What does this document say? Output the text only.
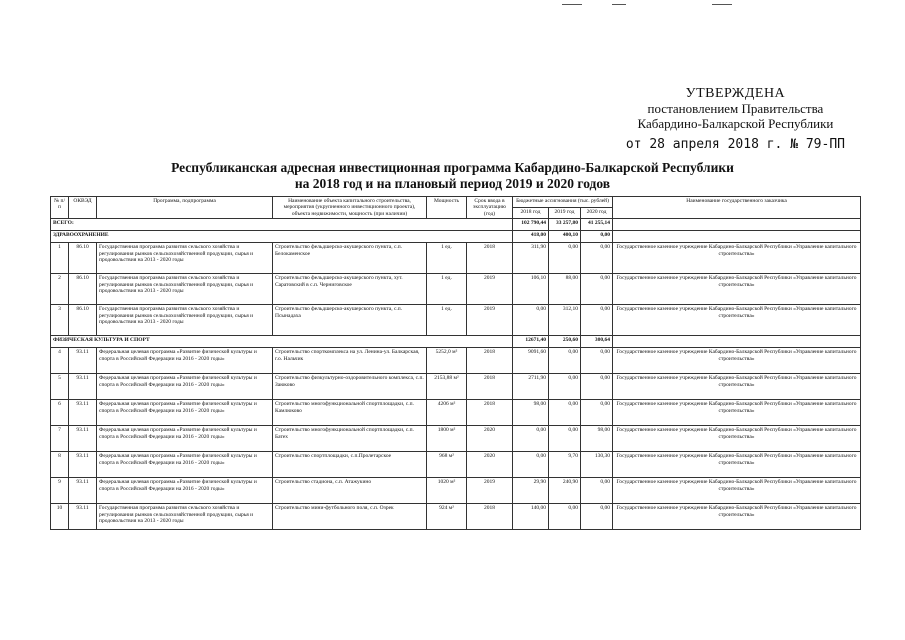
УТВЕРЖДЕНА
постановлением Правительства
Кабардино-Балкарской Республики
от 28 апреля 2018 г. № 79-ПП
Республиканская адресная инвестиционная программа Кабардино-Балкарской Республики
на 2018 год и на плановый период 2019 и 2020 годов
№ п/п	ОКВЭД	Программа, подпрограмма	Наименование объекта капитального строительства, мероприятия (укрупненного инвестиционного проекта), объекта недвижимости, мощность (при наличии)	Мощность	Срок ввода в эксплуатацию (год)	Бюджетные ассигнования (тыс. рублей)			Наименование государственного заказчика
						2018 год	2019 год	2020 год	
ВСЕГО:						102 790,44	33 257,80	41 255,14	
ЗДРАВООХРАНЕНИЕ						418,00	400,10	0,00	
1	86.10	Государственная программа развития сельского хозяйства и регулирования рынков сельскохозяйственной продукции, сырья и продовольствия на 2013 - 2020 годы	Строительство фельдшерско-акушерского пункта, с.п. Белокаменское	1 ед.	2018	311,90	0,00	0,00	Государственное казенное учреждение Кабардино-Балкарской Республики «Управление капитального строительства»
2	86.10	Государственная программа развития сельского хозяйства и регулирования рынков сельскохозяйственной продукции, сырья и продовольствия на 2013 - 2020 годы	Строительство фельдшерско-акушерского пункта, хут. Саратовский в с.п. Черниговское	1 ед.	2019	106,10	88,00	0,00	Государственное казенное учреждение Кабардино-Балкарской Республики «Управление капитального строительства»
3	86.10	Государственная программа развития сельского хозяйства и регулирования рынков сельскохозяйственной продукции, сырья и продовольствия на 2013 - 2020 годы	Строительство фельдшерско-акушерского пункта, с.п. Псынадаха	1 ед.	2019	0,00	312,10	0,00	Государственное казенное учреждение Кабардино-Балкарской Республики «Управление капитального строительства»
ФИЗИЧЕСКАЯ КУЛЬТУРА И СПОРТ						12671,40	250,60	300,64	
4	93.11	Федеральная целевая программа «Развитие физической культуры и спорта в Российской Федерации на 2016 - 2020 годы»	Строительство спорткомплекса на ул. Ленина-ул. Балкарская, г.о. Нальчик	5252,0 м²	2018	9091,60	0,00	0,00	Государственное казенное учреждение Кабардино-Балкарской Республики «Управление капитального строительства»
5	93.11	Федеральная целевая программа «Развитие физической культуры и спорта в Российской Федерации на 2016 - 2020 годы»	Строительство физкультурно-оздоровительного комплекса, с.п. Заюково	2153,88 м²	2018	2711,90	0,00	0,00	Государственное казенное учреждение Кабардино-Балкарской Республики «Управление капитального строительства»
6	93.11	Федеральная целевая программа «Развитие физической культуры и спорта в Российской Федерации на 2016 - 2020 годы»	Строительство многофункциональной спортплощадки, с.п. Камлюково	4206 м²	2018	98,00	0,00	0,00	Государственное казенное учреждение Кабардино-Балкарской Республики «Управление капитального строительства»
7	93.11	Федеральная целевая программа «Развитие физической культуры и спорта в Российской Федерации на 2016 - 2020 годы»	Строительство многофункциональной спортплощадки, с.п. Батех	1800 м²	2020	0,00	0,00	98,00	Государственное казенное учреждение Кабардино-Балкарской Республики «Управление капитального строительства»
8	93.11	Федеральная целевая программа «Развитие физической культуры и спорта в Российской Федерации на 2016 - 2020 годы»	Строительство спортплощадки, с.п.Пролетарское	968 м²	2020	0,00	9,70	130,30	Государственное казенное учреждение Кабардино-Балкарской Республики «Управление капитального строительства»
9	93.11	Федеральная целевая программа «Развитие физической культуры и спорта в Российской Федерации на 2016 - 2020 годы»	Строительство стадиона, с.п. Атажукино	1020 м²	2019	29,90	240,90	0,00	Государственное казенное учреждение Кабардино-Балкарской Республики «Управление капитального строительства»
10	93.11	Государственная программа развития сельского хозяйства и регулирования рынков сельскохозяйственной продукции, сырья и продовольствия на 2013 - 2020 годы	Строительство мини-футбольного поля, с.п. Озрек	924 м²	2018	140,00	0,00	0,00	Государственное казенное учреждение Кабардино-Балкарской Республики «Управление капитального строительства»
